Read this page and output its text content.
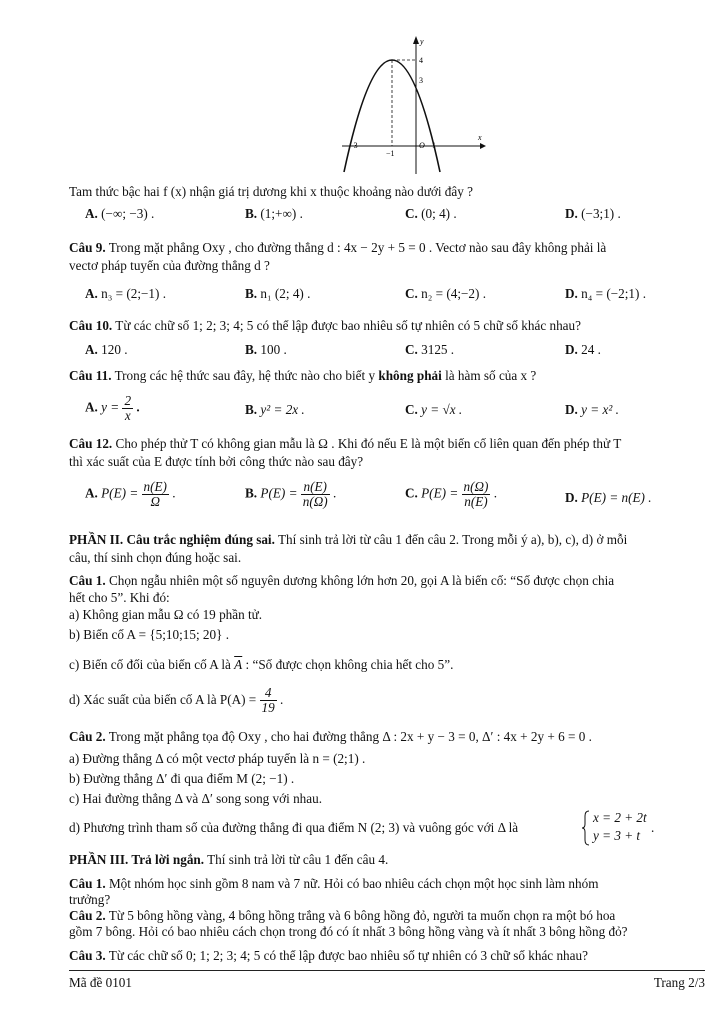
y
x
4
3
-3
−1
O 1
Tam thức bậc hai f (x) nhận giá trị dương khi x thuộc khoảng nào dưới đây ?
A. (−∞; −3) .	B. (1;+∞) .	C. (0; 4) .	D. (−3;1) .
Câu 9. Trong mặt phẳng Oxy , cho đường thẳng d : 4x − 2y + 5 = 0 . Vectơ nào sau đây không phải là
vectơ pháp tuyến của đường thẳng d ?
A. n₃ = (2;−1) .	B. n₁ (2; 4) .	C. n₂ = (4;−2) .	D. n₄ = (−2;1) .
Câu 10. Từ các chữ số 1; 2; 3; 4; 5 có thể lập được bao nhiêu số tự nhiên có 5 chữ số khác nhau?
A. 120 .	B. 100 .	C. 3125 .	D. 24 .
Câu 11. Trong các hệ thức sau đây, hệ thức nào cho biết y không phải là hàm số của x ?
A. $y = \frac{2}{x}$ .	B. y² = 2x .	C. y = √x .	D. y = x² .
Câu 12. Cho phép thử T có không gian mẫu là Ω . Khi đó nếu E là một biến cố liên quan đến phép thử T
thì xác suất của E được tính bởi công thức nào sau đây?
A. $P(E) = \frac{n(E)}{\Omega}$ .	B. $P(E) = \frac{n(E)}{n(\Omega)}$ .	C. $P(E) = \frac{n(\Omega)}{n(E)}$ .	D. P(E) = n(E) .
PHẦN II. Câu trắc nghiệm đúng sai. Thí sinh trả lời từ câu 1 đến câu 2. Trong mỗi ý a), b), c), d) ở mỗi
câu, thí sinh chọn đúng hoặc sai.
Câu 1. Chọn ngẫu nhiên một số nguyên dương không lớn hơn 20, gọi A là biến cố: “Số được chọn chia
hết cho 5”. Khi đó:
a) Không gian mẫu Ω có 19 phần tử.
b) Biến cố A = {5;10;15; 20} .
c) Biến cố đối của biến cố A là $\overline{A}$ : “Số được chọn không chia hết cho 5”.
d) Xác suất của biến cố A là $P(A) = \frac{4}{19}$ .
Câu 2. Trong mặt phẳng tọa độ Oxy , cho hai đường thẳng Δ : 2x + y − 3 = 0, Δ′ : 4x + 2y + 6 = 0 .
a) Đường thẳng Δ có một vectơ pháp tuyến là n = (2;1) .
b) Đường thẳng Δ′ đi qua điểm M (2; −1) .
c) Hai đường thẳng Δ và Δ′ song song với nhau.
d) Phương trình tham số của đường thẳng đi qua điểm N (2; 3) và vuông góc với Δ là
x = 2 + 2t
y = 3 + t
.
PHẦN III. Trả lời ngắn. Thí sinh trả lời từ câu 1 đến câu 4.
Câu 1. Một nhóm học sinh gồm 8 nam và 7 nữ. Hỏi có bao nhiêu cách chọn một học sinh làm nhóm
trưởng?
Câu 2. Từ 5 bông hồng vàng, 4 bông hồng trắng và 6 bông hồng đỏ, người ta muốn chọn ra một bó hoa
gồm 7 bông. Hỏi có bao nhiêu cách chọn trong đó có ít nhất 3 bông hồng vàng và ít nhất 3 bông hồng đỏ?
Câu 3. Từ các chữ số 0; 1; 2; 3; 4; 5 có thể lập được bao nhiêu số tự nhiên có 3 chữ số khác nhau?
Mã đề 0101	Trang 2/3
